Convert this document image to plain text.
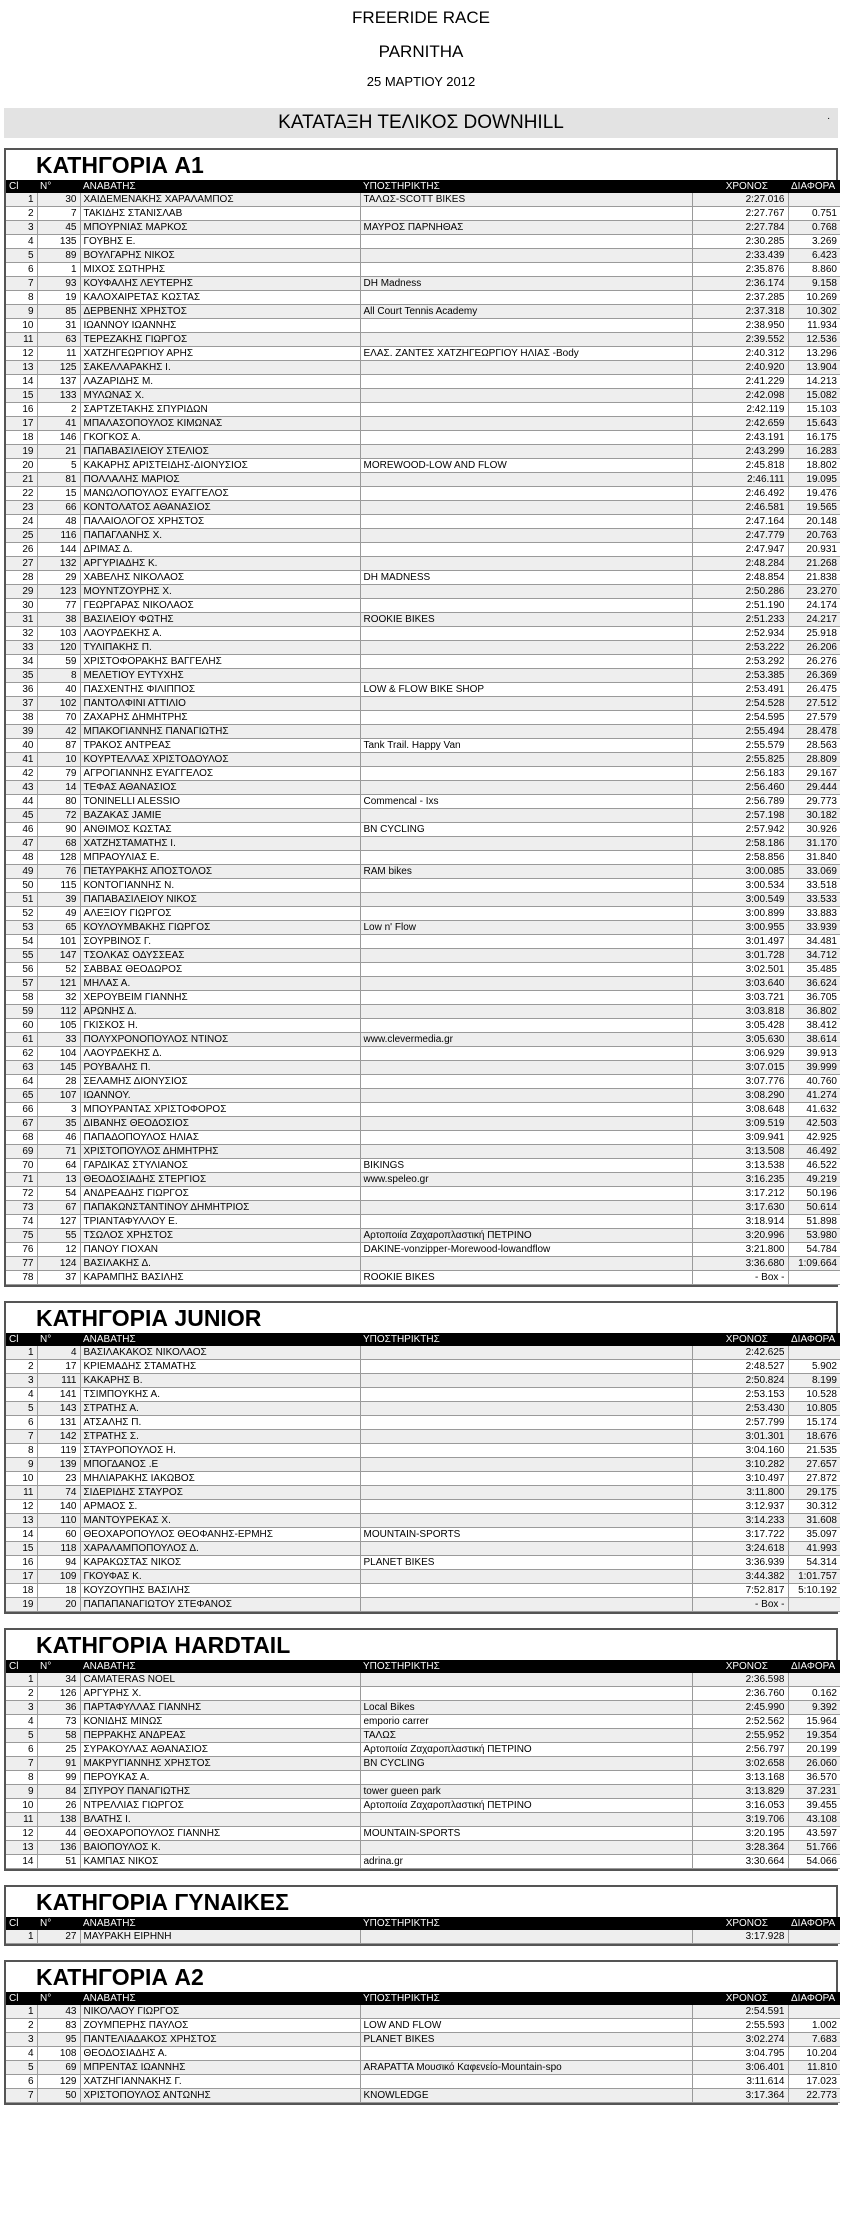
FREERIDE RACE
PARNITHA
25 ΜΑΡΤΙΟΥ 2012
ΚΑΤΑΤΑΞΗ ΤΕΛΙΚΟΣ DOWNHILL	.
ΚΑΤΗΓΟΡΙΑ A1
Cl	N°	ΑΝΑΒΑΤΗΣ	ΥΠΟΣΤΗΡΙΚΤΗΣ	ΧΡΟΝΟΣ	ΔΙΑΦΟΡΑ
1	30	ΧΑΙΔΕΜΕΝΑΚΗΣ ΧΑΡΑΛΑΜΠΟΣ	ΤΑΛΩΣ-SCOTT BIKES	2:27.016	
2	7	ΤΑΚΙΔΗΣ ΣΤΑΝΙΣΛΑΒ		2:27.767	0.751
3	45	ΜΠΟΥΡΝΙΑΣ ΜΑΡΚΟΣ	ΜΑΥΡΟΣ ΠΑΡΝΗΘΑΣ	2:27.784	0.768
4	135	ΓΟΥΒΗΣ Ε.		2:30.285	3.269
5	89	ΒΟΥΛΓΑΡΗΣ ΝΙΚΟΣ		2:33.439	6.423
6	1	ΜΙΧΟΣ ΣΩΤΗΡΗΣ		2:35.876	8.860
7	93	ΚΟΥΦΑΛΗΣ ΛΕΥΤΕΡΗΣ	DH Madness	2:36.174	9.158
8	19	ΚΑΛΟΧΑΙΡΕΤΑΣ ΚΩΣΤΑΣ		2:37.285	10.269
9	85	ΔΕΡΒΕΝΗΣ ΧΡΗΣΤΟΣ	All Court Tennis Academy	2:37.318	10.302
10	31	ΙΩΑΝΝΟΥ ΙΩΑΝΝΗΣ		2:38.950	11.934
11	63	ΤΕΡΕΖΑΚΗΣ ΓΙΩΡΓΟΣ		2:39.552	12.536
12	11	ΧΑΤΖΗΓΕΩΡΓΙΟΥ ΑΡΗΣ	ΕΛΑΣ. ΖΑΝΤΕΣ ΧΑΤΖΗΓΕΩΡΓΙΟΥ ΗΛΙΑΣ -Body	2:40.312	13.296
13	125	ΣΑΚΕΛΛΑΡΑΚΗΣ Ι.		2:40.920	13.904
14	137	ΛΑΖΑΡΙΔΗΣ Μ.		2:41.229	14.213
15	133	ΜΥΛΩΝΑΣ Χ.		2:42.098	15.082
16	2	ΣΑΡΤΖΕΤΑΚΗΣ ΣΠΥΡΙΔΩΝ		2:42.119	15.103
17	41	ΜΠΑΛΑΣΟΠΟΥΛΟΣ ΚΙΜΩΝΑΣ		2:42.659	15.643
18	146	ΓΚΟΓΚΟΣ Α.		2:43.191	16.175
19	21	ΠΑΠΑΒΑΣΙΛΕΙΟΥ ΣΤΕΛΙΟΣ		2:43.299	16.283
20	5	ΚΑΚΑΡΗΣ ΑΡΙΣΤΕΙΔΗΣ-ΔΙΟΝΥΣΙΟΣ	MOREWOOD-LOW AND FLOW	2:45.818	18.802
21	81	ΠΟΛΛΑΛΗΣ ΜΑΡΙΟΣ		2:46.111	19.095
22	15	ΜΑΝΩΛΟΠΟΥΛΟΣ ΕΥΑΓΓΕΛΟΣ		2:46.492	19.476
23	66	ΚΟΝΤΟΛΑΤΟΣ ΑΘΑΝΑΣΙΟΣ		2:46.581	19.565
24	48	ΠΑΛΑΙΟΛΟΓΟΣ ΧΡΗΣΤΟΣ		2:47.164	20.148
25	116	ΠΑΠΑΓΛΑΝΗΣ Χ.		2:47.779	20.763
26	144	ΔΡΙΜΑΣ Δ.		2:47.947	20.931
27	132	ΑΡΓΥΡΙΑΔΗΣ Κ.		2:48.284	21.268
28	29	ΧΑΒΕΛΗΣ ΝΙΚΟΛΑΟΣ	DH MADNESS	2:48.854	21.838
29	123	ΜΟΥΝΤΖΟΥΡΗΣ Χ.		2:50.286	23.270
30	77	ΓΕΩΡΓΑΡΑΣ ΝΙΚΟΛΑΟΣ		2:51.190	24.174
31	38	ΒΑΣΙΛΕΙΟΥ ΦΩΤΗΣ	ROOKIE BIKES	2:51.233	24.217
32	103	ΛΑΟΥΡΔΕΚΗΣ Α.		2:52.934	25.918
33	120	ΤΥΛΙΠΑΚΗΣ Π.		2:53.222	26.206
34	59	ΧΡΙΣΤΟΦΟΡΑΚΗΣ ΒΑΓΓΕΛΗΣ		2:53.292	26.276
35	8	ΜΕΛΕΤΙΟΥ ΕΥΤΥΧΗΣ		2:53.385	26.369
36	40	ΠΑΣΧΕΝΤΗΣ ΦΙΛΙΠΠΟΣ	LOW & FLOW BIKE SHOP	2:53.491	26.475
37	102	ΠΑΝΤΟΛΦΙΝΙ ΑΤΤΙΛΙΟ		2:54.528	27.512
38	70	ΖΑΧΑΡΗΣ ΔΗΜΗΤΡΗΣ		2:54.595	27.579
39	42	ΜΠΑΚΟΓΙΑΝΝΗΣ ΠΑΝΑΓΙΩΤΗΣ		2:55.494	28.478
40	87	ΤΡΑΚΟΣ ΑΝΤΡΕΑΣ	Tank Trail. Happy Van	2:55.579	28.563
41	10	ΚΟΥΡΤΕΛΛΑΣ ΧΡΙΣΤΟΔΟΥΛΟΣ		2:55.825	28.809
42	79	ΑΓΡΟΓΙΑΝΝΗΣ ΕΥΑΓΓΕΛΟΣ		2:56.183	29.167
43	14	ΤΕΦΑΣ ΑΘΑΝΑΣΙΟΣ		2:56.460	29.444
44	80	TONINELLI ALESSIO	Commencal - Ixs	2:56.789	29.773
45	72	ΒΑΖΑΚΑΣ JAMIE		2:57.198	30.182
46	90	ΑΝΘΙΜΟΣ ΚΩΣΤΑΣ	BN CYCLING	2:57.942	30.926
47	68	ΧΑΤΖΗΣΤΑΜΑΤΗΣ Ι.		2:58.186	31.170
48	128	ΜΠΡΑΟΥΛΙΑΣ Ε.		2:58.856	31.840
49	76	ΠΕΤΑΥΡΑΚΗΣ ΑΠΟΣΤΟΛΟΣ	RAM bikes	3:00.085	33.069
50	115	ΚΟΝΤΟΓΙΑΝΝΗΣ Ν.		3:00.534	33.518
51	39	ΠΑΠΑΒΑΣΙΛΕΙΟΥ ΝΙΚΟΣ		3:00.549	33.533
52	49	ΑΛΕΞΙΟΥ ΓΙΩΡΓΟΣ		3:00.899	33.883
53	65	ΚΟΥΛΟΥΜΒΑΚΗΣ ΓΙΩΡΓΟΣ	Low n' Flow	3:00.955	33.939
54	101	ΣΟΥΡΒΙΝΟΣ Γ.		3:01.497	34.481
55	147	ΤΣΟΛΚΑΣ ΟΔΥΣΣΕΑΣ		3:01.728	34.712
56	52	ΣΑΒΒΑΣ ΘΕΟΔΩΡΟΣ		3:02.501	35.485
57	121	ΜΗΛΑΣ Α.		3:03.640	36.624
58	32	ΧΕΡΟΥΒΕΙΜ ΓΙΑΝΝΗΣ		3:03.721	36.705
59	112	ΑΡΩΝΗΣ Δ.		3:03.818	36.802
60	105	ΓΚΙΣΚΟΣ Η.		3:05.428	38.412
61	33	ΠΟΛΥΧΡΟΝΟΠΟΥΛΟΣ ΝΤΙΝΟΣ	www.clevermedia.gr	3:05.630	38.614
62	104	ΛΑΟΥΡΔΕΚΗΣ Δ.		3:06.929	39.913
63	145	ΡΟΥΒΑΛΗΣ Π.		3:07.015	39.999
64	28	ΣΕΛΑΜΗΣ ΔΙΟΝΥΣΙΟΣ		3:07.776	40.760
65	107	ΙΩΑΝΝΟΥ.		3:08.290	41.274
66	3	ΜΠΟΥΡΑΝΤΑΣ ΧΡΙΣΤΟΦΟΡΟΣ		3:08.648	41.632
67	35	ΔΙΒΑΝΗΣ ΘΕΟΔΟΣΙΟΣ		3:09.519	42.503
68	46	ΠΑΠΑΔΟΠΟΥΛΟΣ ΗΛΙΑΣ		3:09.941	42.925
69	71	ΧΡΙΣΤΟΠΟΥΛΟΣ ΔΗΜΗΤΡΗΣ		3:13.508	46.492
70	64	ΓΑΡΔΙΚΑΣ ΣΤΥΛΙΑΝΟΣ	BIKINGS	3:13.538	46.522
71	13	ΘΕΟΔΟΣΙΑΔΗΣ ΣΤΕΡΓΙΟΣ	www.speleo.gr	3:16.235	49.219
72	54	ΑΝΔΡΕΑΔΗΣ ΓΙΩΡΓΟΣ		3:17.212	50.196
73	67	ΠΑΠΑΚΩΝΣΤΑΝΤΙΝΟΥ ΔΗΜΗΤΡΙΟΣ		3:17.630	50.614
74	127	ΤΡΙΑΝΤΑΦΥΛΛΟΥ Ε.		3:18.914	51.898
75	55	ΤΣΩΛΟΣ ΧΡΗΣΤΟΣ	Αρτοποιία Ζαχαροπλαστική ΠΕΤΡΙΝΟ	3:20.996	53.980
76	12	ΠΑΝΟΥ ΓΙΟΧΑΝ	DAKINE-vonzipper-Morewood-lowandflow	3:21.800	54.784
77	124	ΒΑΣΙΛΑΚΗΣ Δ.		3:36.680	1:09.664
78	37	ΚΑΡΑΜΠΗΣ ΒΑΣΙΛΗΣ	ROOKIE BIKES	- Box -	
ΚΑΤΗΓΟΡΙΑ JUNIOR
Cl	N°	ΑΝΑΒΑΤΗΣ	ΥΠΟΣΤΗΡΙΚΤΗΣ	ΧΡΟΝΟΣ	ΔΙΑΦΟΡΑ
1	4	ΒΑΣΙΛΑΚΑΚΟΣ ΝΙΚΟΛΑΟΣ		2:42.625	
2	17	ΚΡΙΕΜΑΔΗΣ ΣΤΑΜΑΤΗΣ		2:48.527	5.902
3	111	ΚΑΚΑΡΗΣ Β.		2:50.824	8.199
4	141	ΤΣΙΜΠΟΥΚΗΣ Α.		2:53.153	10.528
5	143	ΣΤΡΑΤΗΣ Α.		2:53.430	10.805
6	131	ΑΤΣΑΛΗΣ Π.		2:57.799	15.174
7	142	ΣΤΡΑΤΗΣ Σ.		3:01.301	18.676
8	119	ΣΤΑΥΡΟΠΟΥΛΟΣ Η.		3:04.160	21.535
9	139	ΜΠΟΓΔΑΝΟΣ .Ε		3:10.282	27.657
10	23	ΜΗΛΙΑΡΑΚΗΣ ΙΑΚΩΒΟΣ		3:10.497	27.872
11	74	ΣΙΔΕΡΙΔΗΣ ΣΤΑΥΡΟΣ		3:11.800	29.175
12	140	ΑΡΜΑΟΣ Σ.		3:12.937	30.312
13	110	ΜΑΝΤΟΥΡΕΚΑΣ Χ.		3:14.233	31.608
14	60	ΘΕΟΧΑΡΟΠΟΥΛΟΣ ΘΕΟΦΑΝΗΣ-ΕΡΜΗΣ	MOUNTAIN-SPORTS	3:17.722	35.097
15	118	ΧΑΡΑΛΑΜΠΟΠΟΥΛΟΣ Δ.		3:24.618	41.993
16	94	ΚΑΡΑΚΩΣΤΑΣ ΝΙΚΟΣ	PLANET BIKES	3:36.939	54.314
17	109	ΓΚΟΥΦΑΣ Κ.		3:44.382	1:01.757
18	18	ΚΟΥΖΟΥΠΗΣ ΒΑΣΙΛΗΣ		7:52.817	5:10.192
19	20	ΠΑΠΑΠΑΝΑΓΙΩΤΟΥ ΣΤΕΦΑΝΟΣ		- Box -	
ΚΑΤΗΓΟΡΙΑ HARDTAIL
Cl	N°	ΑΝΑΒΑΤΗΣ	ΥΠΟΣΤΗΡΙΚΤΗΣ	ΧΡΟΝΟΣ	ΔΙΑΦΟΡΑ
1	34	CAMATERAS NOEL		2:36.598	
2	126	ΑΡΓΥΡΗΣ Χ.		2:36.760	0.162
3	36	ΠΑΡΤΑΦΥΛΛΑΣ ΓΙΑΝΝΗΣ	Local Bikes	2:45.990	9.392
4	73	ΚΟΝΙΔΗΣ ΜΙΝΩΣ	emporio carrer	2:52.562	15.964
5	58	ΠΕΡΡΑΚΗΣ ΑΝΔΡΕΑΣ	ΤΑΛΩΣ	2:55.952	19.354
6	25	ΣΥΡΑΚΟΥΛΑΣ ΑΘΑΝΑΣΙΟΣ	Αρτοποιία Ζαχαροπλαστική ΠΕΤΡΙΝΟ	2:56.797	20.199
7	91	ΜΑΚΡΥΓΙΑΝΝΗΣ ΧΡΗΣΤΟΣ	BN CYCLING	3:02.658	26.060
8	99	ΠΕΡΟΥΚΑΣ Α.		3:13.168	36.570
9	84	ΣΠΥΡΟΥ ΠΑΝΑΓΙΩΤΗΣ	tower gueen park	3:13.829	37.231
10	26	ΝΤΡΕΛΛΙΑΣ ΓΙΩΡΓΟΣ	Αρτοποιία Ζαχαροπλαστική ΠΕΤΡΙΝΟ	3:16.053	39.455
11	138	ΒΛΑΤΗΣ Ι.		3:19.706	43.108
12	44	ΘΕΟΧΑΡΟΠΟΥΛΟΣ ΓΙΑΝΝΗΣ	MOUNTAIN-SPORTS	3:20.195	43.597
13	136	ΒΑΙΟΠΟΥΛΟΣ Κ.		3:28.364	51.766
14	51	ΚΑΜΠΑΣ ΝΙΚΟΣ	adrina.gr	3:30.664	54.066
ΚΑΤΗΓΟΡΙΑ ΓΥΝΑΙΚΕΣ
Cl	N°	ΑΝΑΒΑΤΗΣ	ΥΠΟΣΤΗΡΙΚΤΗΣ	ΧΡΟΝΟΣ	ΔΙΑΦΟΡΑ
1	27	ΜΑΥΡΑΚΗ ΕΙΡΗΝΗ		3:17.928	
ΚΑΤΗΓΟΡΙΑ A2
Cl	N°	ΑΝΑΒΑΤΗΣ	ΥΠΟΣΤΗΡΙΚΤΗΣ	ΧΡΟΝΟΣ	ΔΙΑΦΟΡΑ
1	43	ΝΙΚΟΛΑΟΥ ΓΙΩΡΓΟΣ		2:54.591	
2	83	ΖΟΥΜΠΕΡΗΣ ΠΑΥΛΟΣ	LOW AND FLOW	2:55.593	1.002
3	95	ΠΑΝΤΕΛΙΑΔΑΚΟΣ ΧΡΗΣΤΟΣ	PLANET BIKES	3:02.274	7.683
4	108	ΘΕΟΔΟΣΙΑΔΗΣ Α.		3:04.795	10.204
5	69	ΜΠΡΕΝΤΑΣ ΙΩΑΝΝΗΣ	ARAPATTA Μουσικό Καφενείο-Mountain-spo	3:06.401	11.810
6	129	ΧΑΤΖΗΓΙΑΝΝΑΚΗΣ Γ.		3:11.614	17.023
7	50	ΧΡΙΣΤΟΠΟΥΛΟΣ ΑΝΤΩΝΗΣ	KNOWLEDGE	3:17.364	22.773
